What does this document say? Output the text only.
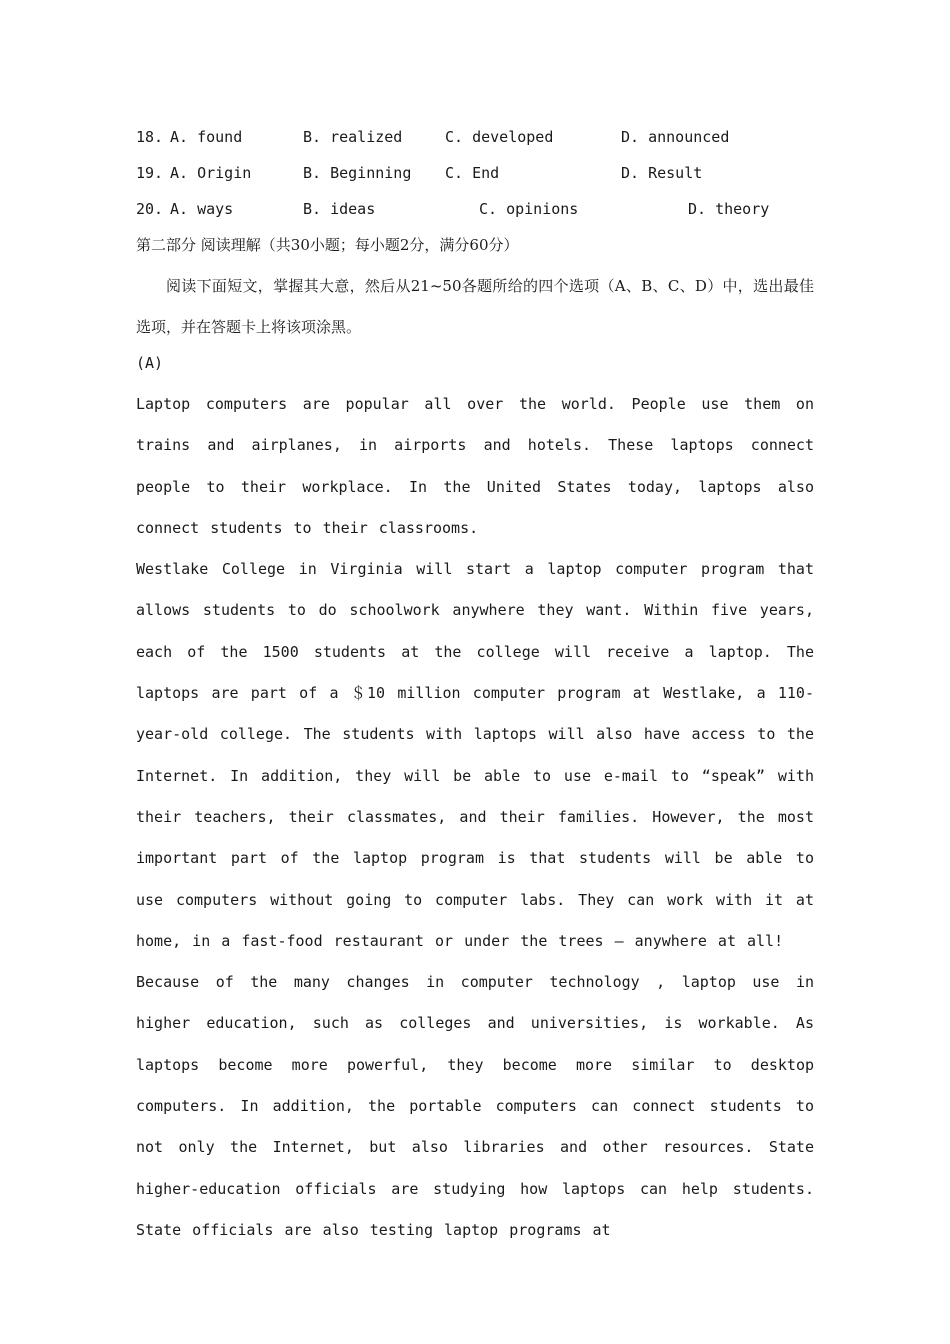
18. A. found	B. realized	C. developed	D. announced
19. A. Origin	B. Beginning C. End	D. Result
20. A. ways	B. ideas	C. opinions	D. theory
第二部分 阅读理解（共30小题；每小题2分，满分60分）

阅读下面短文，掌握其大意，然后从21~50各题所给的四个选项（A、B、C、D）中，选出最佳选项，并在答题卡上将该项涂黑。

(A)

Laptop computers are popular all over the world. People use them on trains and airplanes, in airports and hotels. These laptops connect people to their workplace. In the United States today, laptops also connect students to their classrooms.

Westlake College in Virginia will start a laptop computer program that allows students to do schoolwork anywhere they want. Within five years, each of the 1500 students at the college will receive a laptop. The laptops are part of a ＄10 million computer program at Westlake, a 110-year-old college. The students with laptops will also have access to the Internet. In addition, they will be able to use e-mail to “speak” with their teachers, their classmates, and their families. However, the most important part of the laptop program is that students will be able to use computers without going to computer labs. They can work with it at home, in a fast-food restaurant or under the trees — anywhere at all!

Because of the many changes in computer technology , laptop use in higher education, such as colleges and universities, is workable. As laptops become more powerful, they become more similar to desktop computers. In addition, the portable computers can connect students to not only the Internet, but also libraries and other resources. State higher-education officials are studying how laptops can help students. State officials are also testing laptop programs at
